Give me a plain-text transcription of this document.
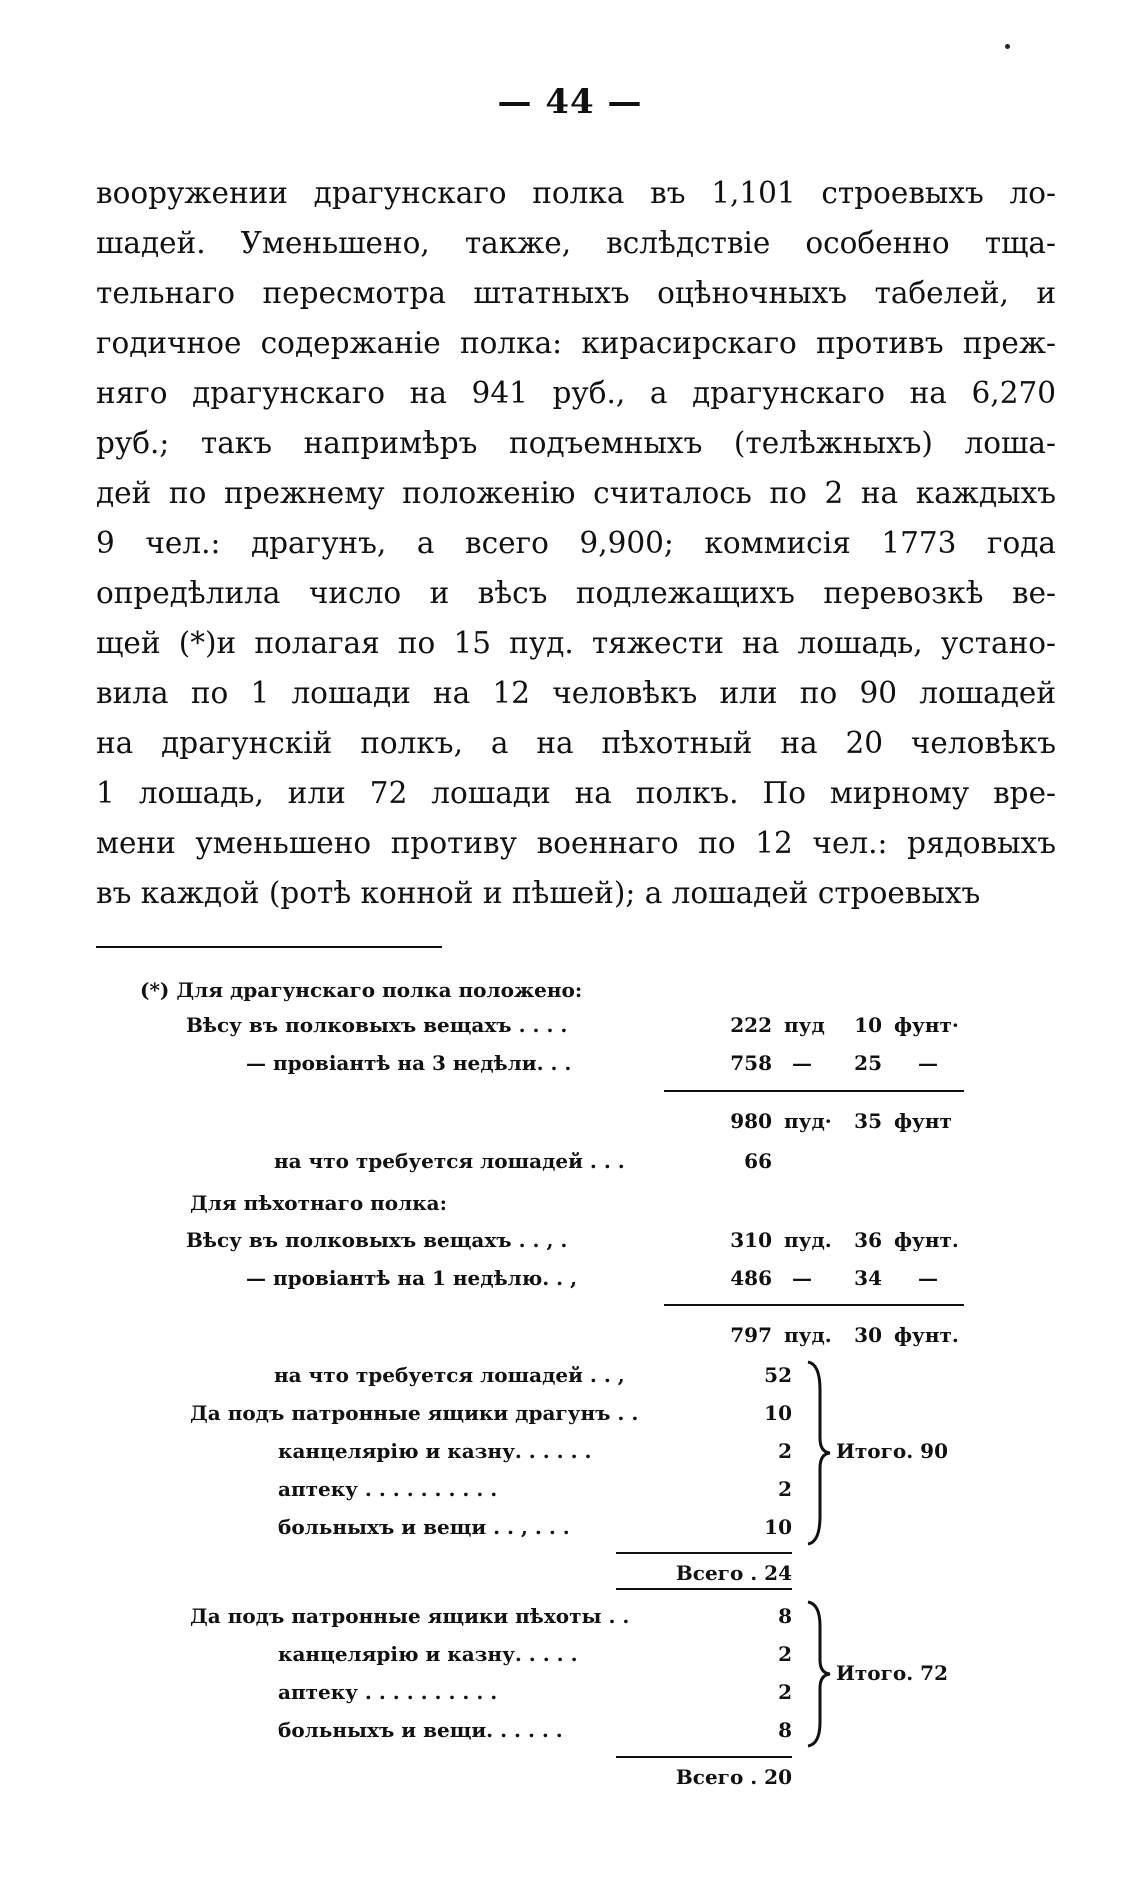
— 44 —
вооружении драгунскаго полка въ 1,101 строевыхъ ло-
шадей. Уменьшено, также, вслѣдствіе особенно тща-
тельнаго пересмотра штатныхъ оцѣночныхъ табелей, и
годичное содержаніе полка: кирасирскаго противъ преж-
няго драгунскаго на 941 руб., а драгунскаго на 6,270
руб.; такъ напримѣръ подъемныхъ (телѣжныхъ) лошa-
дей по прежнему положенію считалось по 2 на каждыхъ
9 чел.: драгунъ, а всего 9,900; коммисія 1773 года
опредѣлила число и вѣсъ подлежащихъ перевозкѣ ве-
щей (*)и полагая по 15 пуд. тяжести на лошадь, устано-
вила по 1 лошади на 12 человѣкъ или по 90 лошадей
на драгунскій полкъ, а на пѣхотный на 20 человѣкъ
1 лошадь, или 72 лошади на полкъ. По мирному вре-
мени уменьшено противу военнаго по 12 чел.: рядовыхъ
въ каждой (ротѣ конной и пѣшей); а лошадей строевыхъ
(*) Для драгунскаго полка положено:
Вѣсу въ полковыхъ вещахъ . . . .	222 пуд	10 фунт·
— провіантѣ на 3 недѣли. . .	758 —	25 —
980 пуд·	35 фунт
на что требуется лошадей . . .	66
Для пѣхотнаго полка:
Вѣсу въ полковыхъ вещахъ . . , .	310 пуд.	36 фунт.
— провіантѣ на 1 недѣлю. . ,	486 —	34 —
797 пуд.	30 фунт.
на что требуется лошадей . . ,	52
Да подъ патронные ящики драгунъ . .	10
канцелярію и казну. . . . . .	2
аптеку . . . . . . . . . .	2
больныхъ и вещи . . , . . .	10
Итого. 90
Всего . 24
Да подъ патронные ящики пѣхоты . .	8
канцелярію и казну. . . . .	2
аптеку . . . . . . . . . .	2
больныхъ и вещи. . . . . .	8
Итого. 72
Всего . 20
